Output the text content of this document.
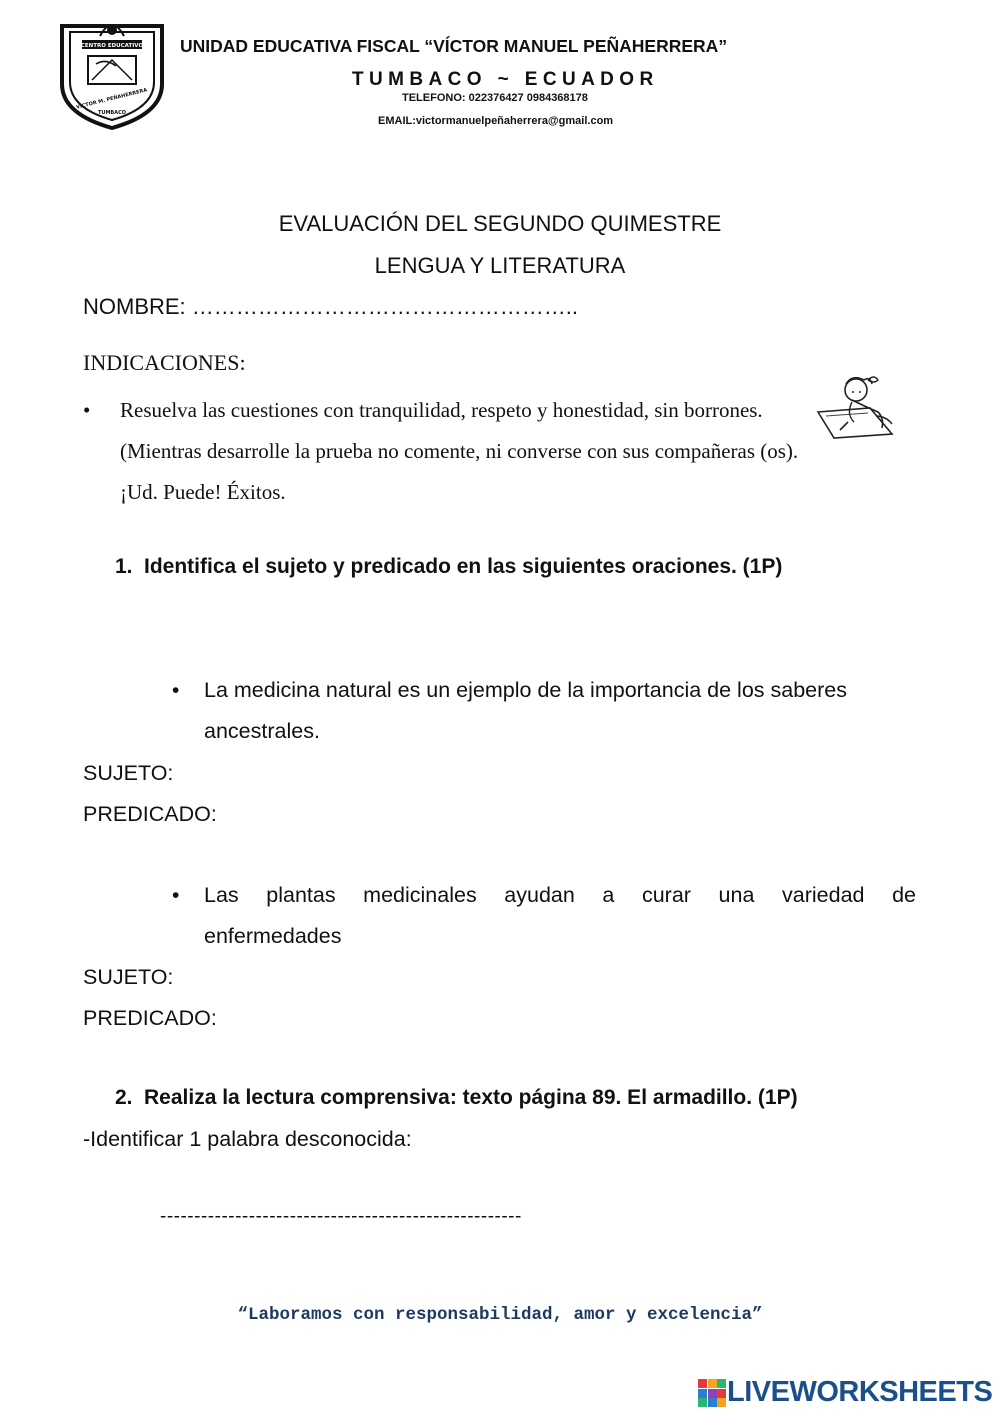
CENTRO EDUCATIVO
VICTOR M. PEÑAHERRERA
TUMBACO
UNIDAD EDUCATIVA FISCAL “VÍCTOR MANUEL PEÑAHERRERA”
TUMBACO ~ ECUADOR
TELEFONO: 022376427 0984368178
EMAIL:victormanuelpeñaherrera@gmail.com
EVALUACIÓN DEL SEGUNDO QUIMESTRE
LENGUA Y LITERATURA
NOMBRE: ……………………………………………..
INDICACIONES:
• Resuelva las cuestiones con tranquilidad, respeto y honestidad, sin borrones. (Mientras desarrolle la prueba no comente, ni converse con sus compañeras (os). ¡Ud. Puede! Éxitos.
1. Identifica el sujeto y predicado en las siguientes oraciones. (1P)
• La medicina natural es un ejemplo de la importancia de los saberes
ancestrales.
SUJETO:
PREDICADO:
• Las plantas medicinales ayudan a curar una variedad de
enfermedades
SUJETO:
PREDICADO:
2. Realiza la lectura comprensiva: texto página 89. El armadillo. (1P)
-Identificar 1 palabra desconocida:
-----------------------------------------------------
“Laboramos con responsabilidad, amor y excelencia”
LIVEWORKSHEETS
